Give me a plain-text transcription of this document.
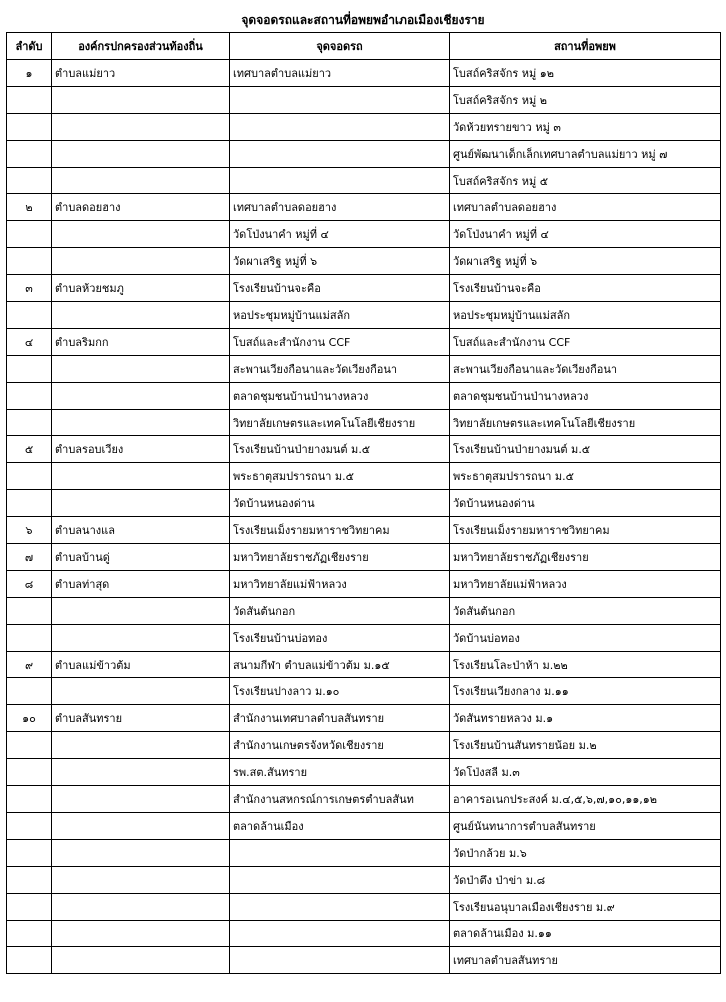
จุดจอดรถและสถานที่อพยพอำเภอเมืองเชียงราย
ลำดับ	องค์กรปกครองส่วนท้องถิ่น	จุดจอดรถ	สถานที่อพยพ
๑	ตำบลแม่ยาว	เทศบาลตำบลแม่ยาว	โบสถ์คริสจักร หมู่ ๑๒
			โบสถ์คริสจักร หมู่ ๒
			วัดห้วยทรายขาว หมู่ ๓
			ศูนย์พัฒนาเด็กเล็กเทศบาลตำบลแม่ยาว หมู่ ๗
			โบสถ์คริสจักร หมู่ ๕
๒	ตำบลดอยฮาง	เทศบาลตำบลดอยฮาง	เทศบาลตำบลดอยฮาง
		วัดโป่งนาคำ หมู่ที่ ๔	วัดโป่งนาคำ หมู่ที่ ๔
		วัดผาเสริฐ หมู่ที่ ๖	วัดผาเสริฐ หมู่ที่ ๖
๓	ตำบลห้วยชมภู	โรงเรียนบ้านจะคือ	โรงเรียนบ้านจะคือ
		หอประชุมหมู่บ้านแม่สลัก	หอประชุมหมู่บ้านแม่สลัก
๔	ตำบลริมกก	โบสถ์และสำนักงาน CCF	โบสถ์และสำนักงาน CCF
		สะพานเวียงกือนาและวัดเวียงกือนา	สะพานเวียงกือนาและวัดเวียงกือนา
		ตลาดชุมชนบ้านป่านางหลวง	ตลาดชุมชนบ้านป่านางหลวง
		วิทยาลัยเกษตรและเทคโนโลยีเชียงราย	วิทยาลัยเกษตรและเทคโนโลยีเชียงราย
๕	ตำบลรอบเวียง	โรงเรียนบ้านป่ายางมนต์ ม.๕	โรงเรียนบ้านป่ายางมนต์ ม.๕
		พระธาตุสมปรารถนา ม.๕	พระธาตุสมปรารถนา ม.๕
		วัดบ้านหนองด่าน	วัดบ้านหนองด่าน
๖	ตำบลนางแล	โรงเรียนเม็งรายมหาราชวิทยาคม	โรงเรียนเม็งรายมหาราชวิทยาคม
๗	ตำบลบ้านดู่	มหาวิทยาลัยราชภัฏเชียงราย	มหาวิทยาลัยราชภัฏเชียงราย
๘	ตำบลท่าสุด	มหาวิทยาลัยแม่ฟ้าหลวง	มหาวิทยาลัยแม่ฟ้าหลวง
		วัดสันต้นกอก	วัดสันต้นกอก
		โรงเรียนบ้านบ่อทอง	วัดบ้านบ่อทอง
๙	ตำบลแม่ข้าวต้ม	สนามกีฬา ตำบลแม่ข้าวต้ม ม.๑๕	โรงเรียนโละป่าห้า ม.๒๒
		โรงเรียนปางลาว ม.๑๐	โรงเรียนเวียงกลาง ม.๑๑
๑๐	ตำบลสันทราย	สำนักงานเทศบาลตำบลสันทราย	วัดสันทรายหลวง ม.๑
		สำนักงานเกษตรจังหวัดเชียงราย	โรงเรียนบ้านสันทรายน้อย ม.๒
		รพ.สต.สันทราย	วัดโป่งสลี ม.๓
		สำนักงานสหกรณ์การเกษตรตำบลสันท	อาคารอเนกประสงค์ ม.๔,๕,๖,๗,๑๐,๑๑,๑๒
		ตลาดล้านเมือง	ศูนย์นันทนาการตำบลสันทราย
			วัดป่ากล้วย ม.๖
			วัดป่าตึง ป่าข่า ม.๘
			โรงเรียนอนุบาลเมืองเชียงราย ม.๙
			ตลาดล้านเมือง ม.๑๑
			เทศบาลตำบลสันทราย
